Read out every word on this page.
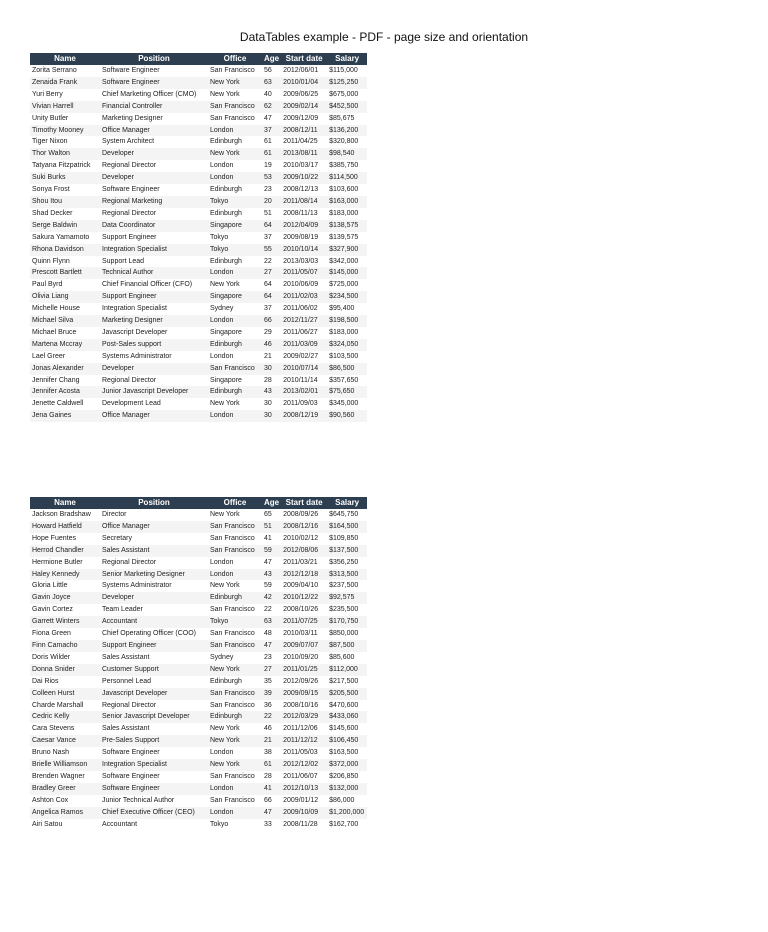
DataTables example - PDF - page size and orientation
Name	Position	Office	Age	Start date	Salary
Zorita Serrano	Software Engineer	San Francisco	56	2012/06/01	$115,000
Zenaida Frank	Software Engineer	New York	63	2010/01/04	$125,250
Yuri Berry	Chief Marketing Officer (CMO)	New York	40	2009/06/25	$675,000
Vivian Harrell	Financial Controller	San Francisco	62	2009/02/14	$452,500
Unity Butler	Marketing Designer	San Francisco	47	2009/12/09	$85,675
Timothy Mooney	Office Manager	London	37	2008/12/11	$136,200
Tiger Nixon	System Architect	Edinburgh	61	2011/04/25	$320,800
Thor Walton	Developer	New York	61	2013/08/11	$98,540
Tatyana Fitzpatrick	Regional Director	London	19	2010/03/17	$385,750
Suki Burks	Developer	London	53	2009/10/22	$114,500
Sonya Frost	Software Engineer	Edinburgh	23	2008/12/13	$103,600
Shou Itou	Regional Marketing	Tokyo	20	2011/08/14	$163,000
Shad Decker	Regional Director	Edinburgh	51	2008/11/13	$183,000
Serge Baldwin	Data Coordinator	Singapore	64	2012/04/09	$138,575
Sakura Yamamoto	Support Engineer	Tokyo	37	2009/08/19	$139,575
Rhona Davidson	Integration Specialist	Tokyo	55	2010/10/14	$327,900
Quinn Flynn	Support Lead	Edinburgh	22	2013/03/03	$342,000
Prescott Bartlett	Technical Author	London	27	2011/05/07	$145,000
Paul Byrd	Chief Financial Officer (CFO)	New York	64	2010/06/09	$725,000
Olivia Liang	Support Engineer	Singapore	64	2011/02/03	$234,500
Michelle House	Integration Specialist	Sydney	37	2011/06/02	$95,400
Michael Silva	Marketing Designer	London	66	2012/11/27	$198,500
Michael Bruce	Javascript Developer	Singapore	29	2011/06/27	$183,000
Martena Mccray	Post-Sales support	Edinburgh	46	2011/03/09	$324,050
Lael Greer	Systems Administrator	London	21	2009/02/27	$103,500
Jonas Alexander	Developer	San Francisco	30	2010/07/14	$86,500
Jennifer Chang	Regional Director	Singapore	28	2010/11/14	$357,650
Jennifer Acosta	Junior Javascript Developer	Edinburgh	43	2013/02/01	$75,650
Jenette Caldwell	Development Lead	New York	30	2011/09/03	$345,000
Jena Gaines	Office Manager	London	30	2008/12/19	$90,560
Name	Position	Office	Age	Start date	Salary
Jackson Bradshaw	Director	New York	65	2008/09/26	$645,750
Howard Hatfield	Office Manager	San Francisco	51	2008/12/16	$164,500
Hope Fuentes	Secretary	San Francisco	41	2010/02/12	$109,850
Herrod Chandler	Sales Assistant	San Francisco	59	2012/08/06	$137,500
Hermione Butler	Regional Director	London	47	2011/03/21	$356,250
Haley Kennedy	Senior Marketing Designer	London	43	2012/12/18	$313,500
Gloria Little	Systems Administrator	New York	59	2009/04/10	$237,500
Gavin Joyce	Developer	Edinburgh	42	2010/12/22	$92,575
Gavin Cortez	Team Leader	San Francisco	22	2008/10/26	$235,500
Garrett Winters	Accountant	Tokyo	63	2011/07/25	$170,750
Fiona Green	Chief Operating Officer (COO)	San Francisco	48	2010/03/11	$850,000
Finn Camacho	Support Engineer	San Francisco	47	2009/07/07	$87,500
Doris Wilder	Sales Assistant	Sydney	23	2010/09/20	$85,600
Donna Snider	Customer Support	New York	27	2011/01/25	$112,000
Dai Rios	Personnel Lead	Edinburgh	35	2012/09/26	$217,500
Colleen Hurst	Javascript Developer	San Francisco	39	2009/09/15	$205,500
Charde Marshall	Regional Director	San Francisco	36	2008/10/16	$470,600
Cedric Kelly	Senior Javascript Developer	Edinburgh	22	2012/03/29	$433,060
Cara Stevens	Sales Assistant	New York	46	2011/12/06	$145,600
Caesar Vance	Pre-Sales Support	New York	21	2011/12/12	$106,450
Bruno Nash	Software Engineer	London	38	2011/05/03	$163,500
Brielle Williamson	Integration Specialist	New York	61	2012/12/02	$372,000
Brenden Wagner	Software Engineer	San Francisco	28	2011/06/07	$206,850
Bradley Greer	Software Engineer	London	41	2012/10/13	$132,000
Ashton Cox	Junior Technical Author	San Francisco	66	2009/01/12	$86,000
Angelica Ramos	Chief Executive Officer (CEO)	London	47	2009/10/09	$1,200,000
Airi Satou	Accountant	Tokyo	33	2008/11/28	$162,700
